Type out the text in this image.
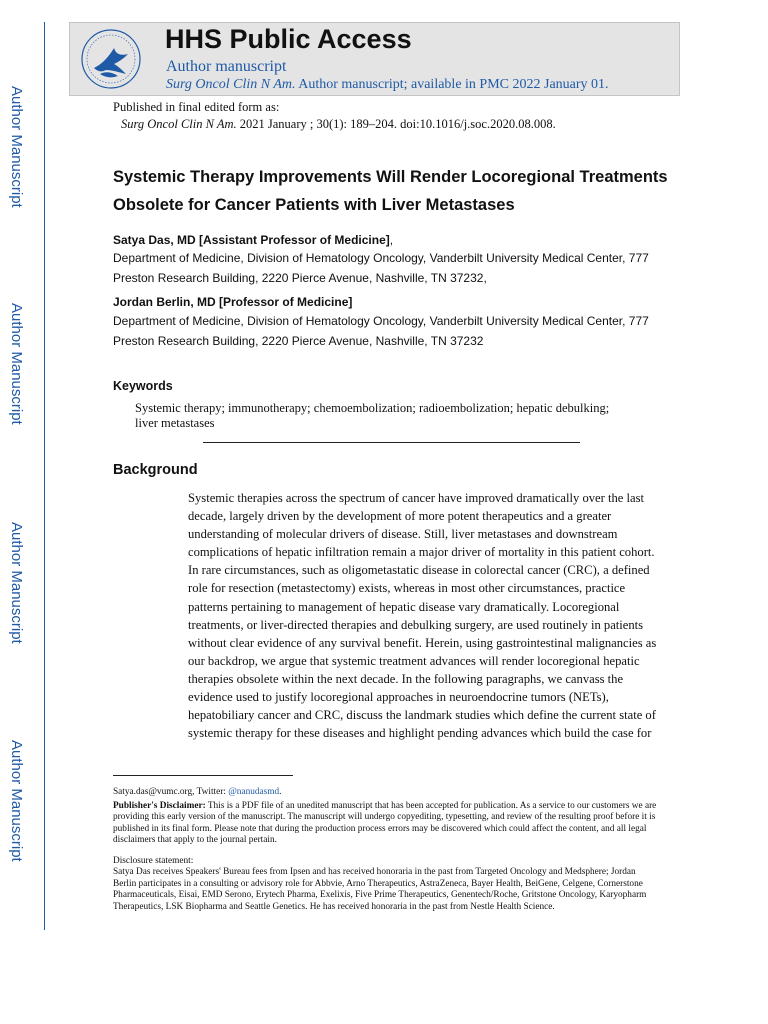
Author Manuscript
Author Manuscript
Author Manuscript
Author Manuscript
HHS Public Access
Author manuscript
Surg Oncol Clin N Am. Author manuscript; available in PMC 2022 January 01.
Published in final edited form as:
Surg Oncol Clin N Am. 2021 January ; 30(1): 189–204. doi:10.1016/j.soc.2020.08.008.
Systemic Therapy Improvements Will Render Locoregional Treatments Obsolete for Cancer Patients with Liver Metastases
Satya Das, MD [Assistant Professor of Medicine],
Department of Medicine, Division of Hematology Oncology, Vanderbilt University Medical Center, 777 Preston Research Building, 2220 Pierce Avenue, Nashville, TN 37232,
Jordan Berlin, MD [Professor of Medicine]
Department of Medicine, Division of Hematology Oncology, Vanderbilt University Medical Center, 777 Preston Research Building, 2220 Pierce Avenue, Nashville, TN 37232
Keywords
Systemic therapy; immunotherapy; chemoembolization; radioembolization; hepatic debulking; liver metastases
Background

Systemic therapies across the spectrum of cancer have improved dramatically over the last decade, largely driven by the development of more potent therapeutics and a greater understanding of molecular drivers of disease. Still, liver metastases and downstream complications of hepatic infiltration remain a major driver of mortality in this patient cohort. In rare circumstances, such as oligometastatic disease in colorectal cancer (CRC), a defined role for resection (metastectomy) exists, whereas in most other circumstances, practice patterns pertaining to management of hepatic disease vary dramatically. Locoregional treatments, or liver-directed therapies and debulking surgery, are used routinely in patients without clear evidence of any survival benefit. Herein, using gastrointestinal malignancies as our backdrop, we argue that systemic treatment advances will render locoregional hepatic therapies obsolete within the next decade. In the following paragraphs, we canvass the evidence used to justify locoregional approaches in neuroendocrine tumors (NETs), hepatobiliary cancer and CRC, discuss the landmark studies which define the current state of systemic therapy for these diseases and highlight pending advances which build the case for

Satya.das@vumc.org, Twitter: @nanudasmd.

Publisher's Disclaimer: This is a PDF file of an unedited manuscript that has been accepted for publication. As a service to our customers we are providing this early version of the manuscript. The manuscript will undergo copyediting, typesetting, and review of the resulting proof before it is published in its final form. Please note that during the production process errors may be discovered which could affect the content, and all legal disclaimers that apply to the journal pertain.

Disclosure statement:
Satya Das receives Speakers' Bureau fees from Ipsen and has received honoraria in the past from Targeted Oncology and Medsphere; Jordan Berlin participates in a consulting or advisory role for Abbvie, Arno Therapeutics, AstraZeneca, Bayer Health, BeiGene, Celgene, Cornerstone Pharmaceuticals, Eisai, EMD Serono, Erytech Pharma, Exelixis, Five Prime Therapeutics, Genentech/Roche, Gritstone Oncology, Karyopharm Therapeutics, LSK Biopharma and Seattle Genetics. He has received honoraria in the past from Nestle Health Science.
